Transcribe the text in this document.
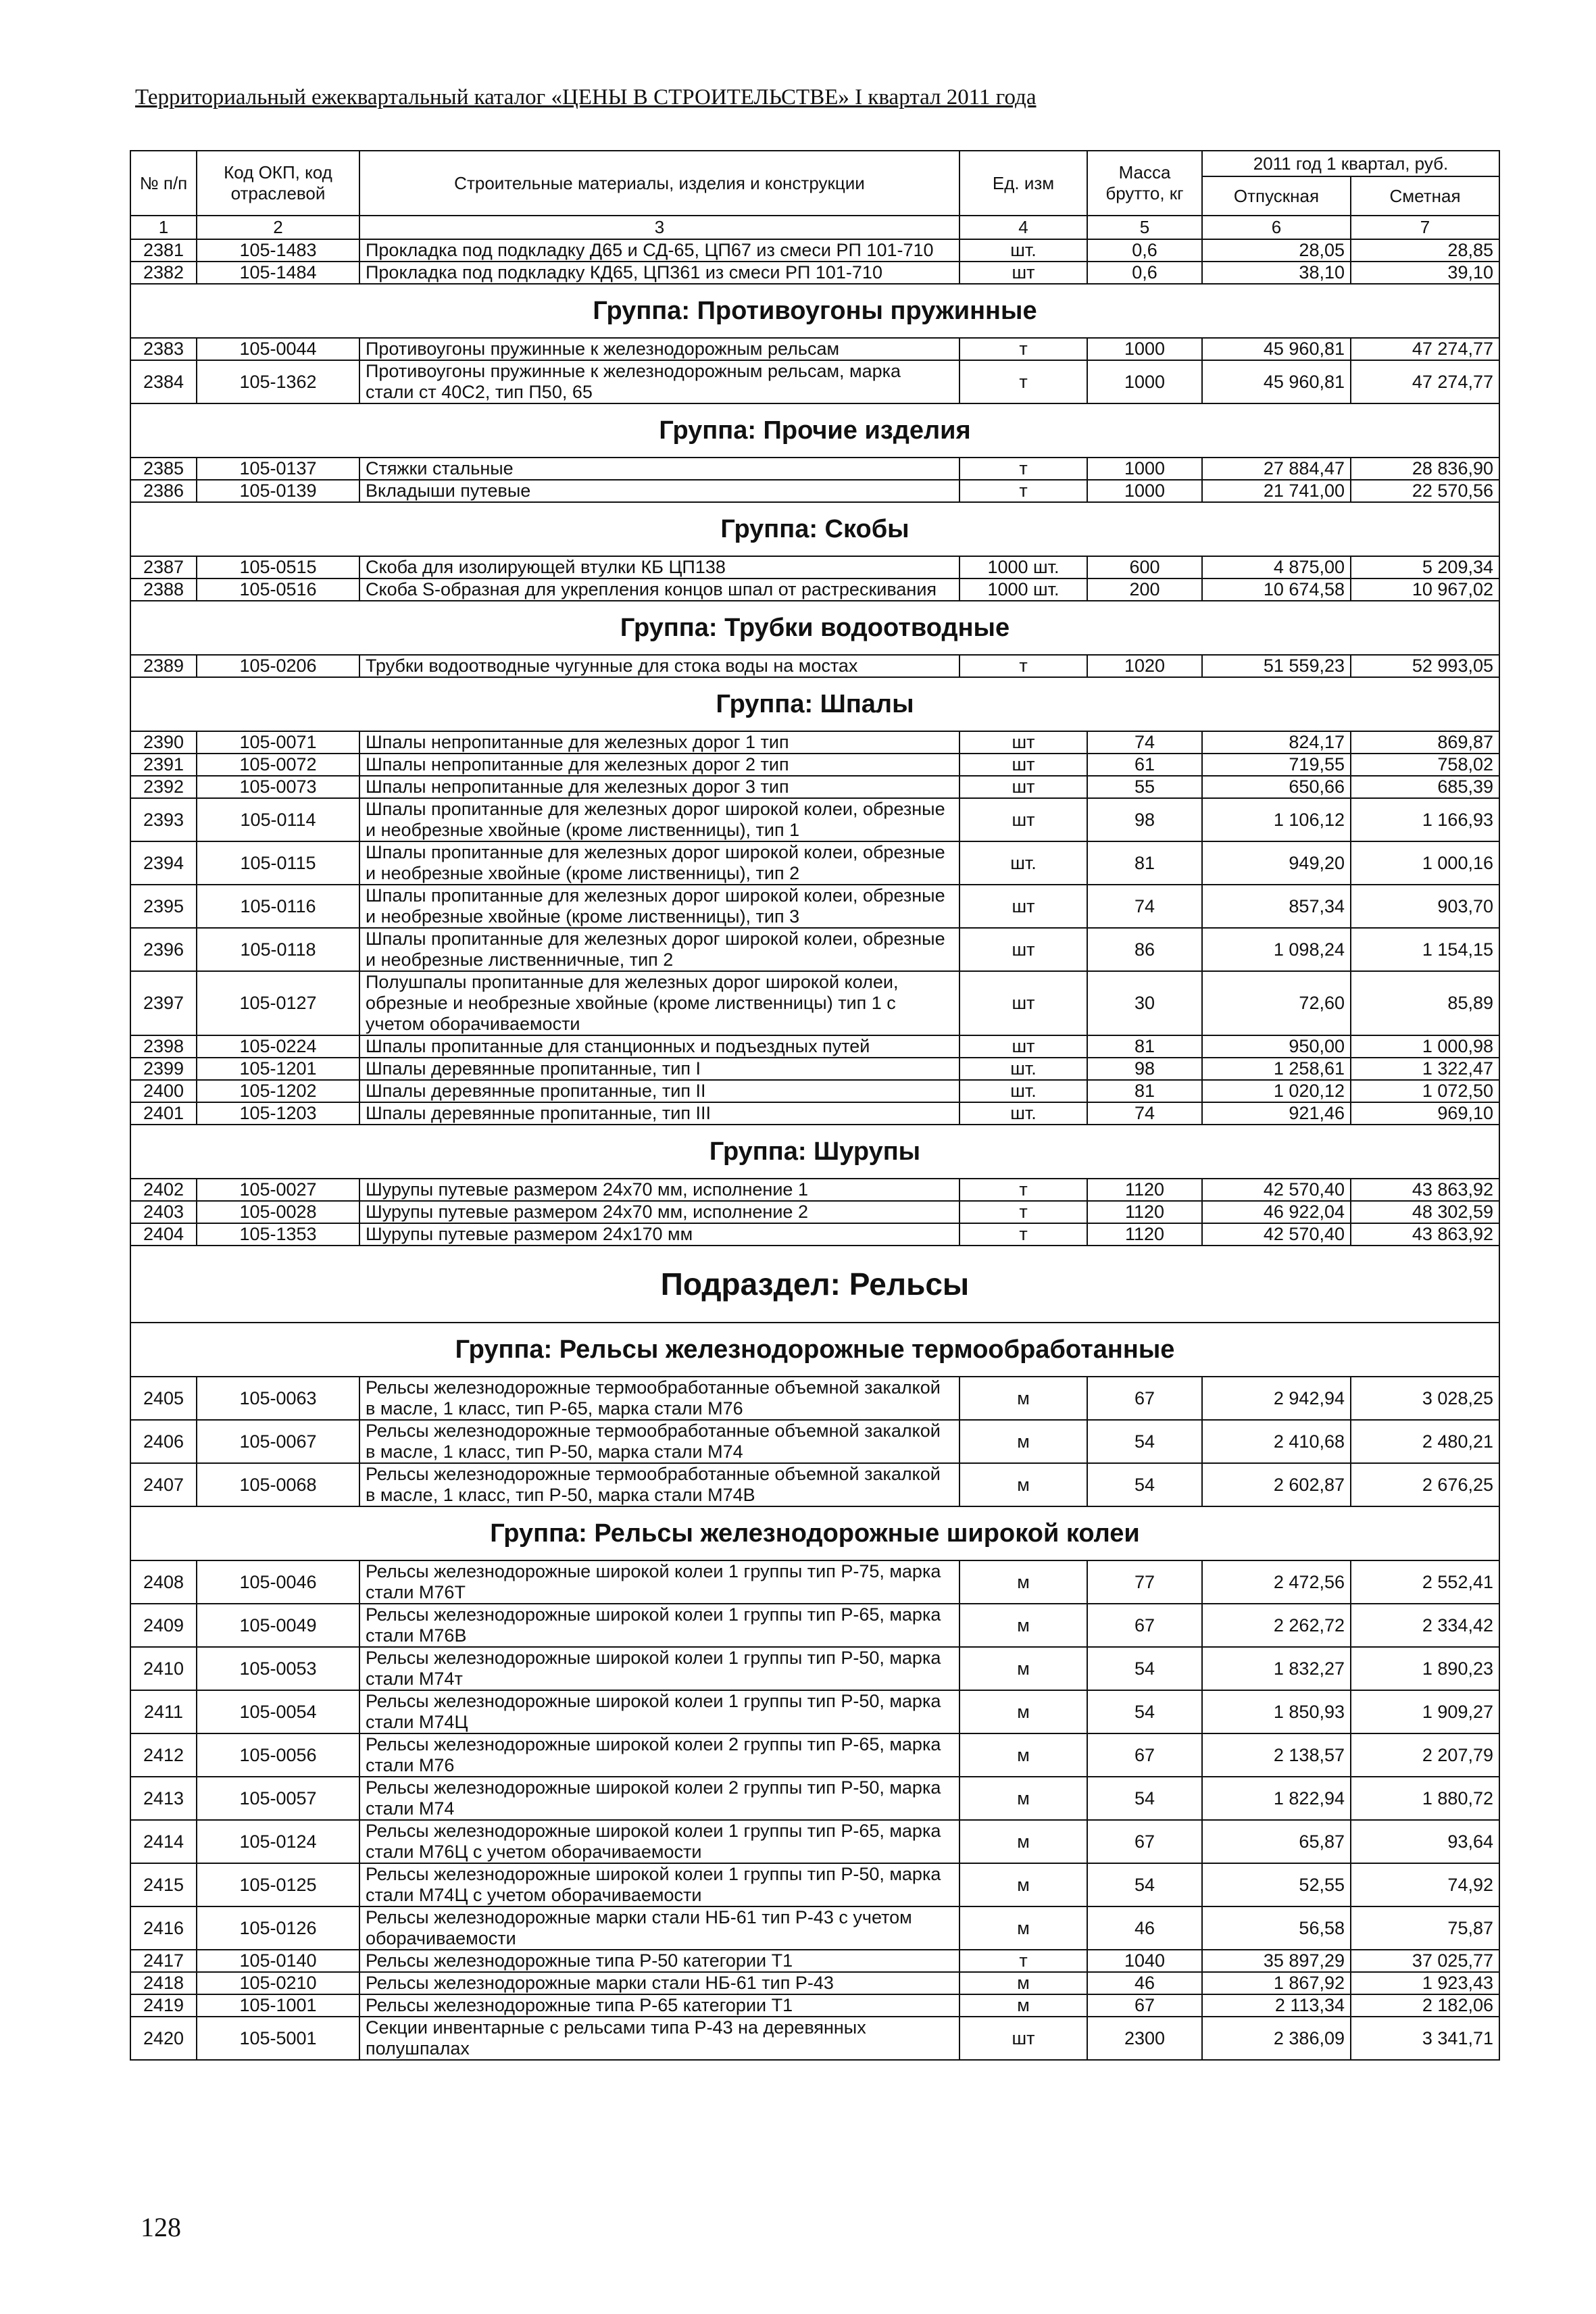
Территориальный ежеквартальный каталог «ЦЕНЫ В СТРОИТЕЛЬСТВЕ» I квартал 2011 года
№ п/п	Код ОКП, код отраслевой	Строительные материалы, изделия и конструкции	Ед. изм	Масса брутто, кг	2011 год 1 квартал, руб.	
					Отпускная	Сметная
1	2	3	4	5	6	7
2381	105-1483	Прокладка под подкладку Д65 и СД-65, ЦП67 из смеси РП 101-710	шт.	0,6	28,05	28,85
2382	105-1484	Прокладка под подкладку КД65, ЦП361 из смеси РП 101-710	шт	0,6	38,10	39,10
Группа: Противоугоны пружинные						
2383	105-0044	Противоугоны пружинные к железнодорожным рельсам	т	1000	45 960,81	47 274,77
2384	105-1362	Противоугоны пружинные к железнодорожным рельсам, марка стали ст 40С2, тип П50, 65	т	1000	45 960,81	47 274,77
Группа: Прочие изделия						
2385	105-0137	Стяжки стальные	т	1000	27 884,47	28 836,90
2386	105-0139	Вкладыши путевые	т	1000	21 741,00	22 570,56
Группа: Скобы						
2387	105-0515	Скоба для изолирующей втулки КБ ЦП138	1000 шт.	600	4 875,00	5 209,34
2388	105-0516	Скоба S-образная для укрепления концов шпал от растрескивания	1000 шт.	200	10 674,58	10 967,02
Группа: Трубки водоотводные						
2389	105-0206	Трубки водоотводные чугунные для стока воды на мостах	т	1020	51 559,23	52 993,05
Группа: Шпалы						
2390	105-0071	Шпалы непропитанные для железных дорог 1 тип	шт	74	824,17	869,87
2391	105-0072	Шпалы непропитанные для железных дорог 2 тип	шт	61	719,55	758,02
2392	105-0073	Шпалы непропитанные для железных дорог 3 тип	шт	55	650,66	685,39
2393	105-0114	Шпалы пропитанные для железных дорог широкой колеи, обрезные и необрезные хвойные (кроме лиственницы), тип 1	шт	98	1 106,12	1 166,93
2394	105-0115	Шпалы пропитанные для железных дорог широкой колеи, обрезные и необрезные хвойные (кроме лиственницы), тип 2	шт.	81	949,20	1 000,16
2395	105-0116	Шпалы пропитанные для железных дорог широкой колеи, обрезные и необрезные хвойные (кроме лиственницы), тип 3	шт	74	857,34	903,70
2396	105-0118	Шпалы пропитанные для железных дорог широкой колеи, обрезные и необрезные лиственничные, тип 2	шт	86	1 098,24	1 154,15
2397	105-0127	Полушпалы пропитанные для железных дорог широкой колеи, обрезные и необрезные хвойные (кроме лиственницы) тип 1 с учетом оборачиваемости	шт	30	72,60	85,89
2398	105-0224	Шпалы пропитанные для станционных и подъездных путей	шт	81	950,00	1 000,98
2399	105-1201	Шпалы деревянные пропитанные, тип I	шт.	98	1 258,61	1 322,47
2400	105-1202	Шпалы деревянные пропитанные, тип II	шт.	81	1 020,12	1 072,50
2401	105-1203	Шпалы деревянные пропитанные, тип III	шт.	74	921,46	969,10
Группа: Шурупы						
2402	105-0027	Шурупы путевые размером 24х70 мм, исполнение 1	т	1120	42 570,40	43 863,92
2403	105-0028	Шурупы путевые размером 24х70 мм, исполнение 2	т	1120	46 922,04	48 302,59
2404	105-1353	Шурупы путевые размером 24х170 мм	т	1120	42 570,40	43 863,92
Подраздел: Рельсы						
Группа: Рельсы железнодорожные термообработанные						
2405	105-0063	Рельсы железнодорожные термообработанные объемной закалкой в масле, 1 класс, тип Р-65, марка стали М76	м	67	2 942,94	3 028,25
2406	105-0067	Рельсы железнодорожные термообработанные объемной закалкой в масле, 1 класс, тип Р-50, марка стали М74	м	54	2 410,68	2 480,21
2407	105-0068	Рельсы железнодорожные термообработанные объемной закалкой в масле, 1 класс, тип Р-50, марка стали М74В	м	54	2 602,87	2 676,25
Группа: Рельсы железнодорожные широкой колеи						
2408	105-0046	Рельсы железнодорожные широкой колеи 1 группы тип Р-75, марка стали М76Т	м	77	2 472,56	2 552,41
2409	105-0049	Рельсы железнодорожные широкой колеи 1 группы тип Р-65, марка стали М76В	м	67	2 262,72	2 334,42
2410	105-0053	Рельсы железнодорожные широкой колеи 1 группы тип Р-50, марка стали М74т	м	54	1 832,27	1 890,23
2411	105-0054	Рельсы железнодорожные широкой колеи 1 группы тип Р-50, марка стали М74Ц	м	54	1 850,93	1 909,27
2412	105-0056	Рельсы железнодорожные широкой колеи 2 группы тип Р-65, марка стали М76	м	67	2 138,57	2 207,79
2413	105-0057	Рельсы железнодорожные широкой колеи 2 группы тип Р-50, марка стали М74	м	54	1 822,94	1 880,72
2414	105-0124	Рельсы железнодорожные широкой колеи 1 группы тип Р-65, марка стали М76Ц с учетом оборачиваемости	м	67	65,87	93,64
2415	105-0125	Рельсы железнодорожные широкой колеи 1 группы тип Р-50, марка стали М74Ц с учетом оборачиваемости	м	54	52,55	74,92
2416	105-0126	Рельсы железнодорожные марки стали НБ-61 тип Р-43 с учетом оборачиваемости	м	46	56,58	75,87
2417	105-0140	Рельсы железнодорожные типа Р-50 категории Т1	т	1040	35 897,29	37 025,77
2418	105-0210	Рельсы железнодорожные марки стали НБ-61 тип Р-43	м	46	1 867,92	1 923,43
2419	105-1001	Рельсы железнодорожные типа Р-65 категории Т1	м	67	2 113,34	2 182,06
2420	105-5001	Секции инвентарные с рельсами типа Р-43 на деревянных полушпалах	шт	2300	2 386,09	3 341,71
128
